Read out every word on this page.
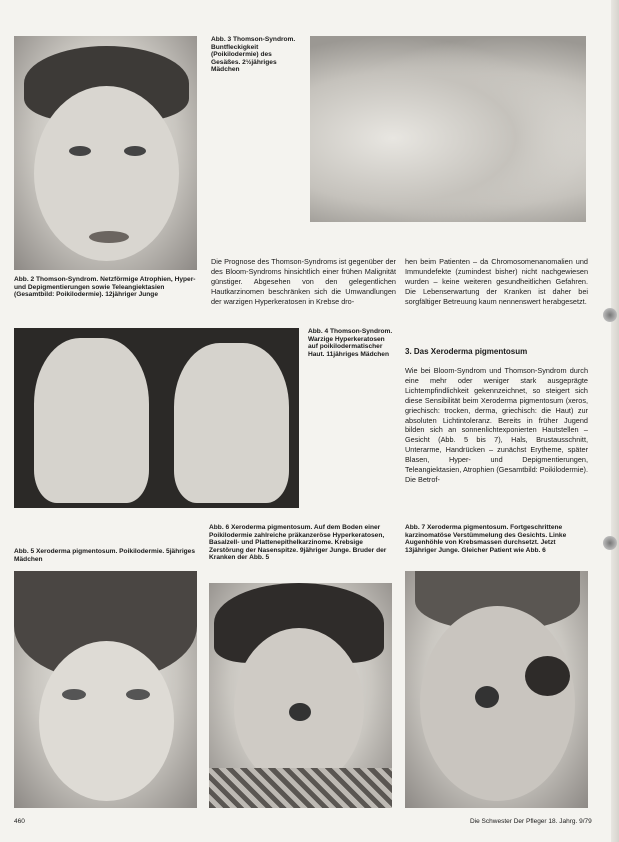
Abb. 3 Thomson-Syndrom. Buntfleckigkeit (Poikilodermie) des Gesäßes. 2½jähriges Mädchen

Abb. 2 Thomson-Syndrom. Netzförmige Atrophien, Hyper- und Depigmentierungen sowie Teleangiektasien (Gesamtbild: Poikilodermie). 12jähriger Junge

Abb. 4 Thomson-Syndrom. Warzige Hyperkeratosen auf poikilodermatischer Haut. 11jähriges Mädchen

Abb. 5 Xeroderma pigmentosum. Poikilodermie. 5jähriges Mädchen

Abb. 6 Xeroderma pigmentosum. Auf dem Boden einer Poikilodermie zahlreiche präkanzeröse Hyperkeratosen, Basalzell- und Plattenepithelkarzinome. Krebsige Zerstörung der Nasenspitze. 9jähriger Junge. Bruder der Kranken der Abb. 5

Abb. 7 Xeroderma pigmentosum. Fortgeschrittene karzinomatöse Verstümmelung des Gesichts. Linke Augenhöhle von Krebsmassen durchsetzt. Jetzt 13jähriger Junge. Gleicher Patient wie Abb. 6

Die Prognose des Thomson-Syndroms ist gegenüber der des Bloom-Syndroms hinsichtlich einer frühen Malignität günstiger. Abgesehen von den gelegentlichen Hautkarzinomen beschränken sich die Umwandlungen der warzigen Hyperkeratosen in Krebse dro-

hen beim Patienten – da Chromosomenanomalien und Immundefekte (zumindest bisher) nicht nachgewiesen wurden – keine weiteren gesundheitlichen Gefahren. Die Lebenserwartung der Kranken ist daher bei sorgfältiger Betreuung kaum nennenswert herabgesetzt.

3. Das Xeroderma pigmentosum

Wie bei Bloom-Syndrom und Thomson-Syndrom durch eine mehr oder weniger stark ausgeprägte Lichtempfindlichkeit gekennzeichnet, so steigert sich diese Sensibilität beim Xeroderma pigmentosum (xeros, griechisch: trocken, derma, griechisch: die Haut) zur absoluten Lichtintoleranz. Bereits in früher Jugend bilden sich an sonnenlichtexponierten Hautstellen – Gesicht (Abb. 5 bis 7), Hals, Brustausschnitt, Unterarme, Handrücken – zunächst Erytheme, später Blasen, Hyper- und Depigmentierungen, Teleangiektasien, Atrophien (Gesamtbild: Poikilodermie). Die Betrof-

460	Die Schwester Der Pfleger 18. Jahrg. 9/79
